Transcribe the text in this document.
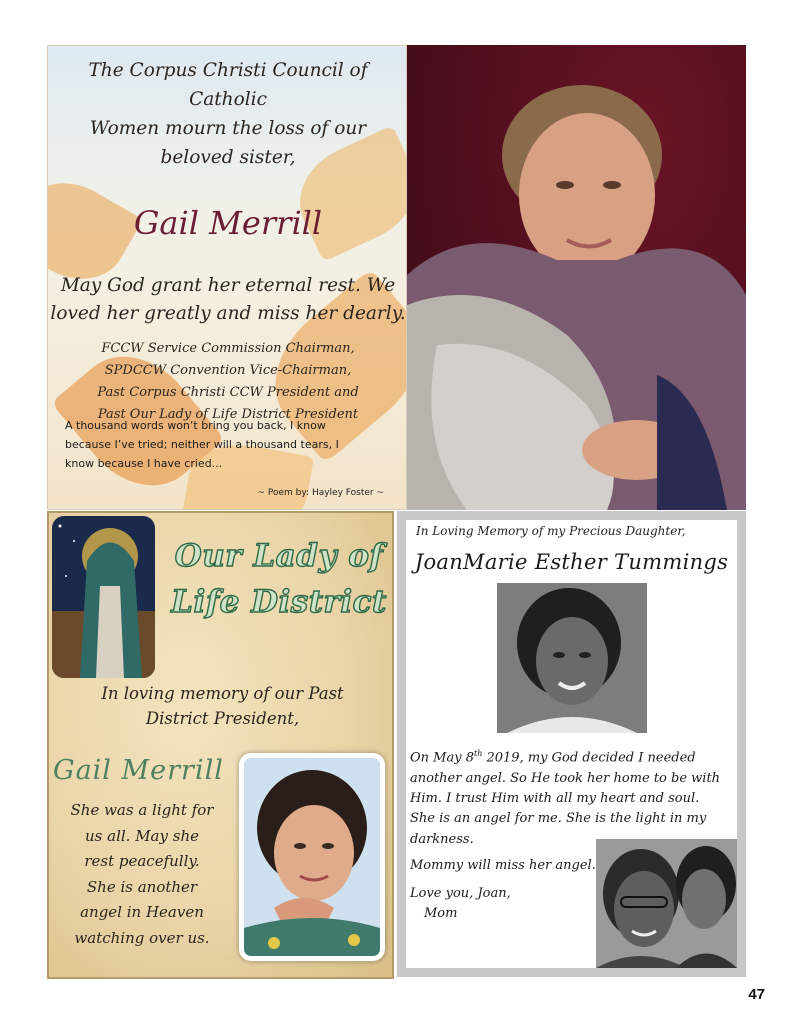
The Corpus Christi Council of Catholic
Women mourn the loss of our
beloved sister,
Gail Merrill
May God grant her eternal rest. We
loved her greatly and miss her dearly.
FCCW Service Commission Chairman,
SPDCCW Convention Vice-Chairman,
Past Corpus Christi CCW President and
Past Our Lady of Life District President
A thousand words won’t bring you back, I know
because I’ve tried; neither will a thousand tears, I
know because I have cried...
~ Poem by: Hayley Foster ~
Our Lady of
Life District
In loving memory of our Past
District President,
Gail Merrill
She was a light for
us all. May she
rest peacefully.
She is another
angel in Heaven
watching over us.
In Loving Memory of my Precious Daughter,
JoanMarie Esther Tummings
On May 8th 2019, my God decided I needed
another angel. So He took her home to be with
Him. I trust Him with all my heart and soul.
She is an angel for me. She is the light in my
darkness.
Mommy will miss her angel.
Love you, Joan,
Mom
47
